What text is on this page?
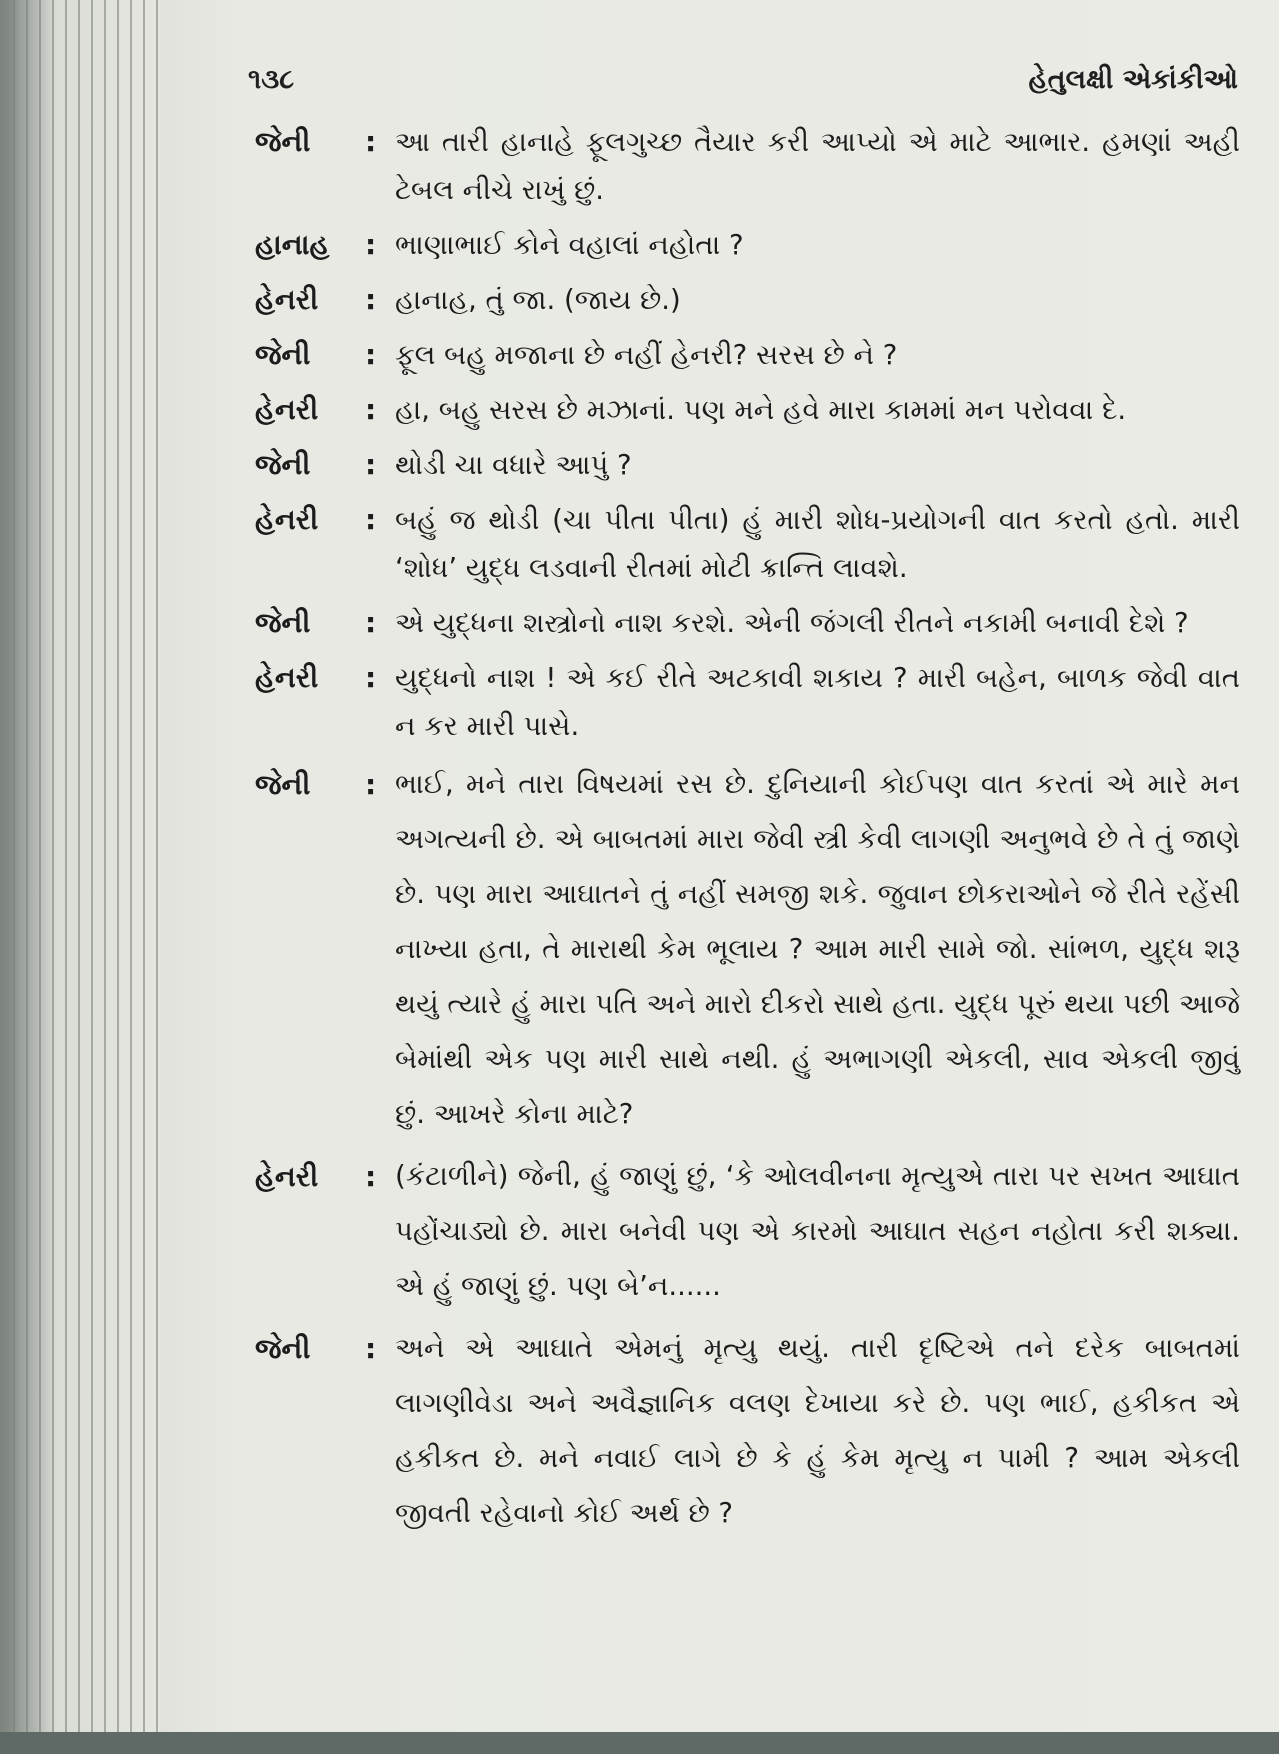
૧૩૮	હેતુલક્ષી એકાંકીઓ
જેની	: આ તારી હાનાહે ફૂલગુચ્છ તૈયાર કરી આપ્યો એ માટે આભાર. હમણાં અહી ટેબલ નીચે રાખું છું.
હાનાહ	: ભાણાભાઈ કોને વહાલાં નહોતા ?
હેનરી	: હાનાહ, તું જા. (જાય છે.)
જેની	: ફૂલ બહુ મજાના છે નહીં હેનરી? સરસ છે ને ?
હેનરી	: હા, બહુ સરસ છે મઝાનાં. પણ મને હવે મારા કામમાં મન પરોવવા દે.
જેની	: થોડી ચા વધારે આપું ?
હેનરી	: બહું જ થોડી (ચા પીતા પીતા) હું મારી શોધ-પ્રયોગની વાત કરતો હતો. મારી ‘શોધ’ યુદ્ધ લડવાની રીતમાં મોટી ક્રાન્તિ લાવશે.
જેની	: એ યુદ્ધના શસ્ત્રોનો નાશ કરશે. એની જંગલી રીતને નકામી બનાવી દેશે ?
હેનરી	: યુદ્ધનો નાશ ! એ કઈ રીતે અટકાવી શકાય ? મારી બહેન, બાળક જેવી વાત ન કર મારી પાસે.
જેની	: ભાઈ, મને તારા વિષયમાં રસ છે. દુનિયાની કોઈપણ વાત કરતાં એ મારે મન અગત્યની છે. એ બાબતમાં મારા જેવી સ્ત્રી કેવી લાગણી અનુભવે છે તે તું જાણે છે. પણ મારા આઘાતને તું નહીં સમજી શકે. જુવાન છોકરાઓને જે રીતે રહેંસી નાખ્યા હતા, તે મારાથી કેમ ભૂલાય ? આમ મારી સામે જો. સાંભળ, યુદ્ધ શરૂ થયું ત્યારે હું મારા પતિ અને મારો દીકરો સાથે હતા. યુદ્ધ પૂરું થયા પછી આજે બેમાંથી એક પણ મારી સાથે નથી. હું અભાગણી એકલી, સાવ એકલી જીવું છું. આખરે કોના માટે?
હેનરી	: (કંટાળીને) જેની, હું જાણું છું, ‘કે ઓલવીનના મૃત્યુએ તારા પર સખત આઘાત પહોંચાડ્યો છે. મારા બનેવી પણ એ કારમો આઘાત સહન નહોતા કરી શક્યા. એ હું જાણું છું. પણ બે’ન......
જેની	: અને એ આઘાતે એમનું મૃત્યુ થયું. તારી દૃષ્ટિએ તને દરેક બાબતમાં લાગણીવેડા અને અવૈજ્ઞાનિક વલણ દેખાયા કરે છે. પણ ભાઈ, હકીકત એ હકીકત છે. મને નવાઈ લાગે છે કે હું કેમ મૃત્યુ ન પામી ? આમ એકલી જીવતી રહેવાનો કોઈ અર્થ છે ?
